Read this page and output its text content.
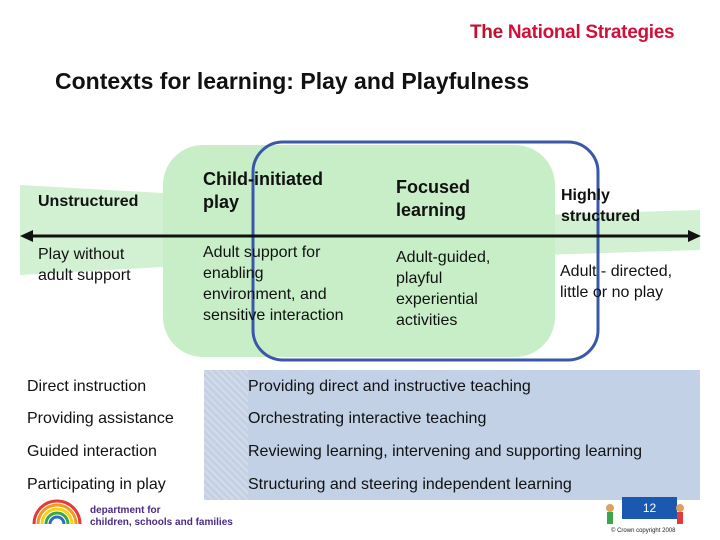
The National Strategies
Contexts for learning: Play and Playfulness
Unstructured
Child-initiated play
Focused learning
Highly structured
Play without adult support
Adult support for enabling environment, and sensitive interaction
Adult-guided, playful experiential activities
Adult - directed, little or no play
Direct instruction	Providing direct and instructive teaching
Providing assistance	Orchestrating interactive teaching
Guided interaction	Reviewing learning, intervening and supporting learning
Participating in play	Structuring and steering independent learning
department for
children, schools and families
12
© Crown copyright 2008
